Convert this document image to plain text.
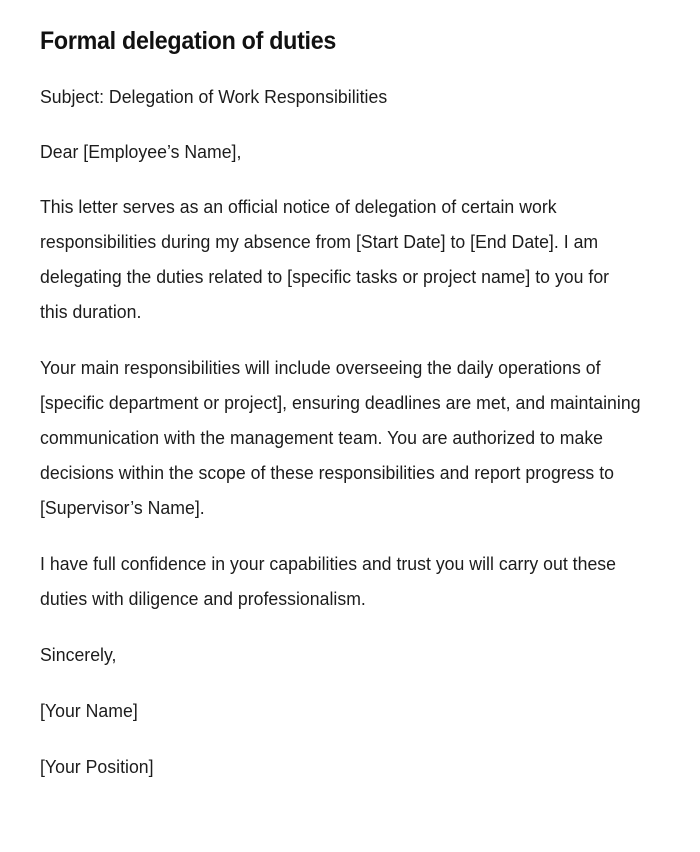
Formal delegation of duties

Subject: Delegation of Work Responsibilities

Dear [Employee’s Name],

This letter serves as an official notice of delegation of certain work responsibilities during my absence from [Start Date] to [End Date]. I am delegating the duties related to [specific tasks or project name] to you for this duration.

Your main responsibilities will include overseeing the daily operations of [specific department or project], ensuring deadlines are met, and maintaining communication with the management team. You are authorized to make decisions within the scope of these responsibilities and report progress to [Supervisor’s Name].

I have full confidence in your capabilities and trust you will carry out these duties with diligence and professionalism.

Sincerely,

[Your Name]

[Your Position]
